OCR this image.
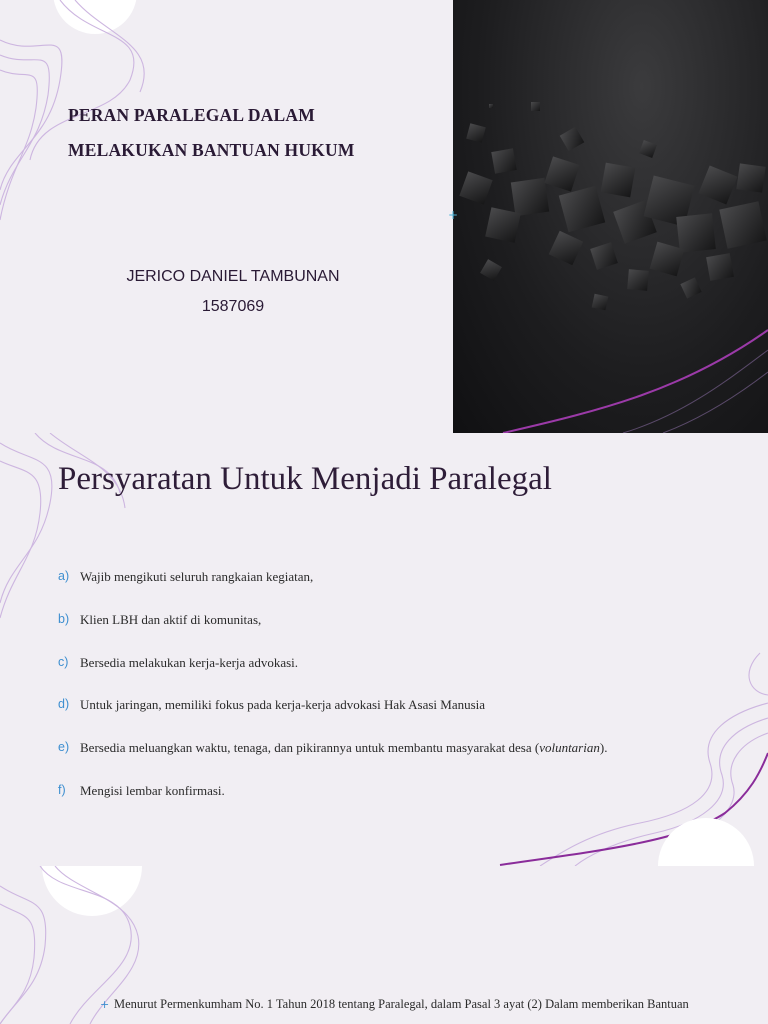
PERAN PARALEGAL DALAM
MELAKUKAN BANTUAN HUKUM
JERICO DANIEL TAMBUNAN
1587069
+
Persyaratan Untuk Menjadi Paralegal
a) Wajib mengikuti seluruh rangkaian kegiatan,
b) Klien LBH dan aktif di komunitas,
c) Bersedia melakukan kerja-kerja advokasi.
d) Untuk jaringan, memiliki fokus pada kerja-kerja advokasi Hak Asasi Manusia
e) Bersedia meluangkan waktu, tenaga, dan pikirannya untuk membantu masyarakat desa (voluntarian).
f)	Mengisi lembar konfirmasi.
+ Menurut Permenkumham No. 1 Tahun 2018 tentang Paralegal, dalam Pasal 3 ayat (2) Dalam memberikan Bantuan
